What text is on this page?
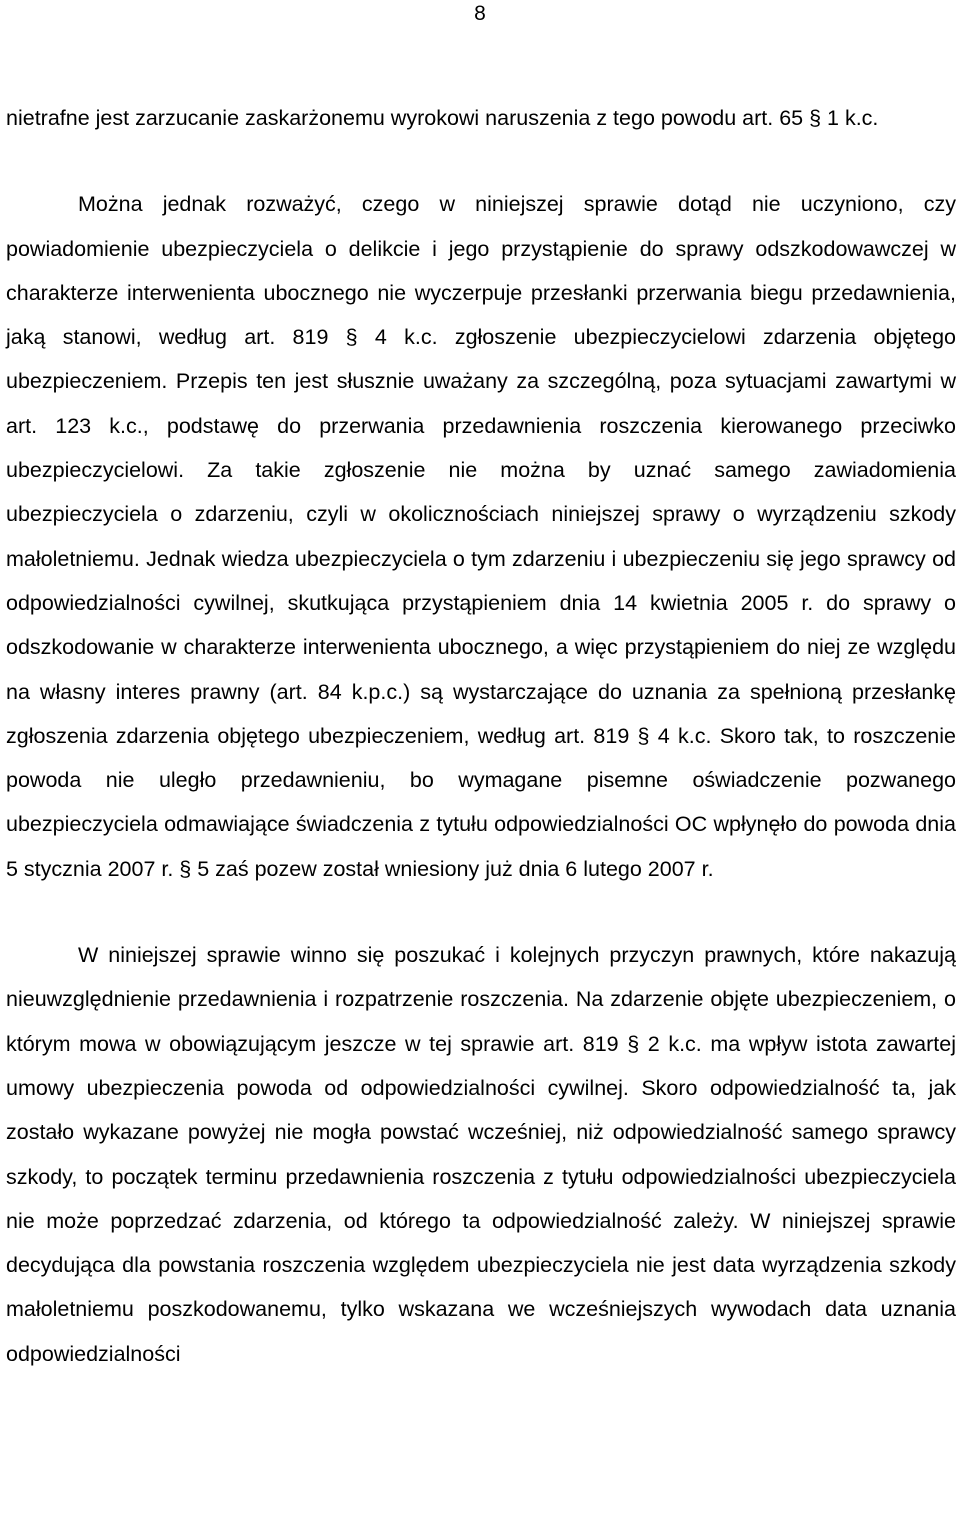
8

nietrafne jest zarzucanie zaskarżonemu wyrokowi naruszenia z tego powodu art. 65 § 1 k.c.

Można jednak rozważyć, czego w niniejszej sprawie dotąd nie uczyniono, czy powiadomienie ubezpieczyciela o delikcie i jego przystąpienie do sprawy odszkodowawczej w charakterze interwenienta ubocznego nie wyczerpuje przesłanki przerwania biegu przedawnienia, jaką stanowi, według art. 819 § 4 k.c. zgłoszenie ubezpieczycielowi zdarzenia objętego ubezpieczeniem. Przepis ten jest słusznie uważany za szczególną, poza sytuacjami zawartymi w art. 123 k.c., podstawę do przerwania przedawnienia roszczenia kierowanego przeciwko ubezpieczycielowi. Za takie zgłoszenie nie można by uznać samego zawiadomienia ubezpieczyciela o zdarzeniu, czyli w okolicznościach niniejszej sprawy o wyrządzeniu szkody małoletniemu. Jednak wiedza ubezpieczyciela o tym zdarzeniu i ubezpieczeniu się jego sprawcy od odpowiedzialności cywilnej, skutkująca przystąpieniem dnia 14 kwietnia 2005 r. do sprawy o odszkodowanie w charakterze interwenienta ubocznego, a więc przystąpieniem do niej ze względu na własny interes prawny (art. 84 k.p.c.) są wystarczające do uznania za spełnioną przesłankę zgłoszenia zdarzenia objętego ubezpieczeniem, według art. 819 § 4 k.c. Skoro tak, to roszczenie powoda nie uległo przedawnieniu, bo wymagane pisemne oświadczenie pozwanego ubezpieczyciela odmawiające świadczenia z tytułu odpowiedzialności OC wpłynęło do powoda dnia 5 stycznia 2007 r. § 5 zaś pozew został wniesiony już dnia 6 lutego 2007 r.

W niniejszej sprawie winno się poszukać i kolejnych przyczyn prawnych, które nakazują nieuwzględnienie przedawnienia i rozpatrzenie roszczenia. Na zdarzenie objęte ubezpieczeniem, o którym mowa w obowiązującym jeszcze w tej sprawie art. 819 § 2 k.c. ma wpływ istota zawartej umowy ubezpieczenia powoda od odpowiedzialności cywilnej. Skoro odpowiedzialność ta, jak zostało wykazane powyżej nie mogła powstać wcześniej, niż odpowiedzialność samego sprawcy szkody, to początek terminu przedawnienia roszczenia z tytułu odpowiedzialności ubezpieczyciela nie może poprzedzać zdarzenia, od którego ta odpowiedzialność zależy. W niniejszej sprawie decydująca dla powstania roszczenia względem ubezpieczyciela nie jest data wyrządzenia szkody małoletniemu poszkodowanemu, tylko wskazana we wcześniejszych wywodach data uznania odpowiedzialności
